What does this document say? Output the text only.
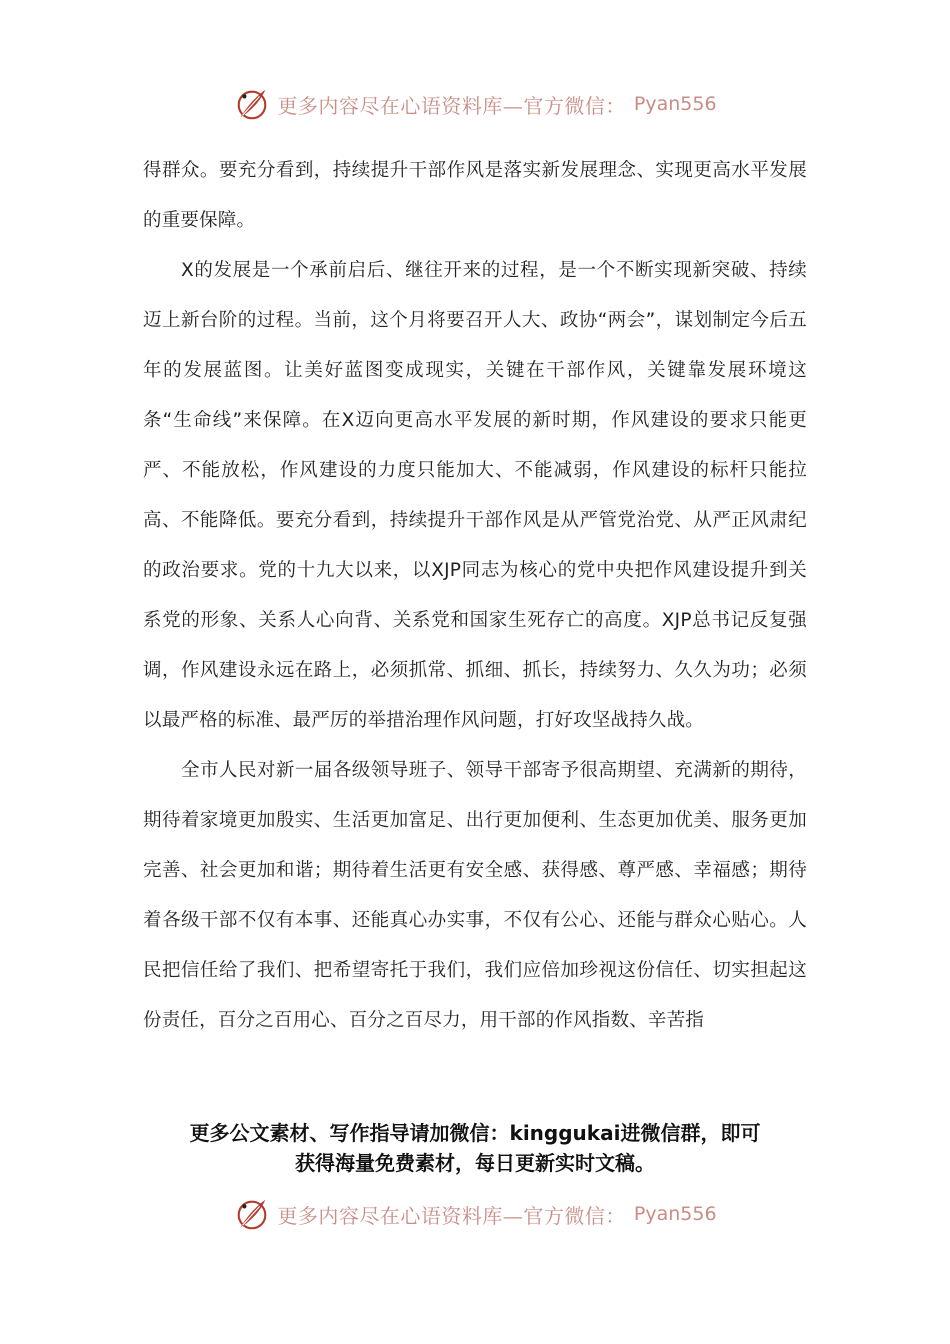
更多内容尽在心语资料库—官方微信： Pyan556

得群众。要充分看到，持续提升干部作风是落实新发展理念、实现更高水平发展的重要保障。

X的发展是一个承前启后、继往开来的过程，是一个不断实现新突破、持续迈上新台阶的过程。当前，这个月将要召开人大、政协“两会”，谋划制定今后五年的发展蓝图。让美好蓝图变成现实，关键在干部作风，关键靠发展环境这条“生命线”来保障。在X迈向更高水平发展的新时期，作风建设的要求只能更严、不能放松，作风建设的力度只能加大、不能减弱，作风建设的标杆只能拉高、不能降低。要充分看到，持续提升干部作风是从严管党治党、从严正风肃纪的政治要求。党的十九大以来，以XJP同志为核心的党中央把作风建设提升到关系党的形象、关系人心向背、关系党和国家生死存亡的高度。XJP总书记反复强调，作风建设永远在路上，必须抓常、抓细、抓长，持续努力、久久为功；必须以最严格的标准、最严厉的举措治理作风问题，打好攻坚战持久战。

全市人民对新一届各级领导班子、领导干部寄予很高期望、充满新的期待，期待着家境更加殷实、生活更加富足、出行更加便利、生态更加优美、服务更加完善、社会更加和谐；期待着生活更有安全感、获得感、尊严感、幸福感；期待着各级干部不仅有本事、还能真心办实事，不仅有公心、还能与群众心贴心。人民把信任给了我们、把希望寄托于我们，我们应倍加珍视这份信任、切实担起这份责任，百分之百用心、百分之百尽力，用干部的作风指数、辛苦指

更多公文素材、写作指导请加微信：kinggukai进微信群，即可
获得海量免费素材，每日更新实时文稿。
更多内容尽在心语资料库—官方微信： Pyan556
